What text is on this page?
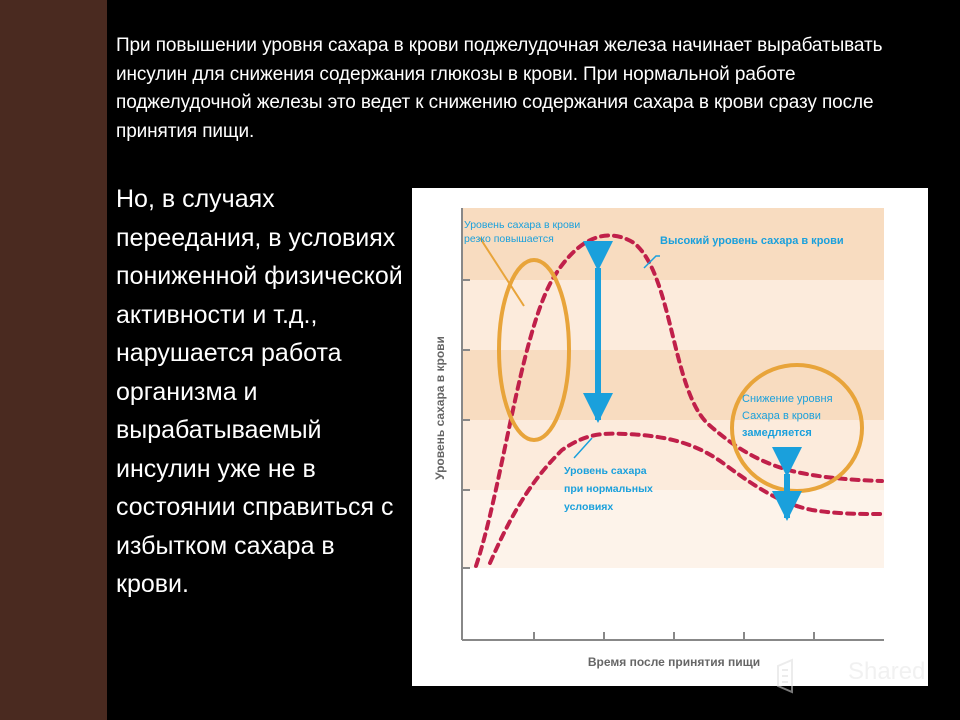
При повышении уровня сахара в крови поджелудочная железа начинает вырабатывать инсулин для снижения содержания глюкозы в крови. При нормальной работе поджелудочной железы это ведет к снижению содержания сахара в крови сразу после принятия пищи.

Но, в случаях переедания, в условиях пониженной физической активности и т.д., нарушается работа организма и вырабатываемый инсулин уже не в состоянии справиться с избытком сахара в крови.

Уровень сахара в крови
Время после принятия пищи
Уровень сахара в крови
резко повышается	Высокий уровень сахара в крови
Уровень сахара
при нормальных
условиях
Снижение уровня
Сахара в крови
замедляется
Shared
